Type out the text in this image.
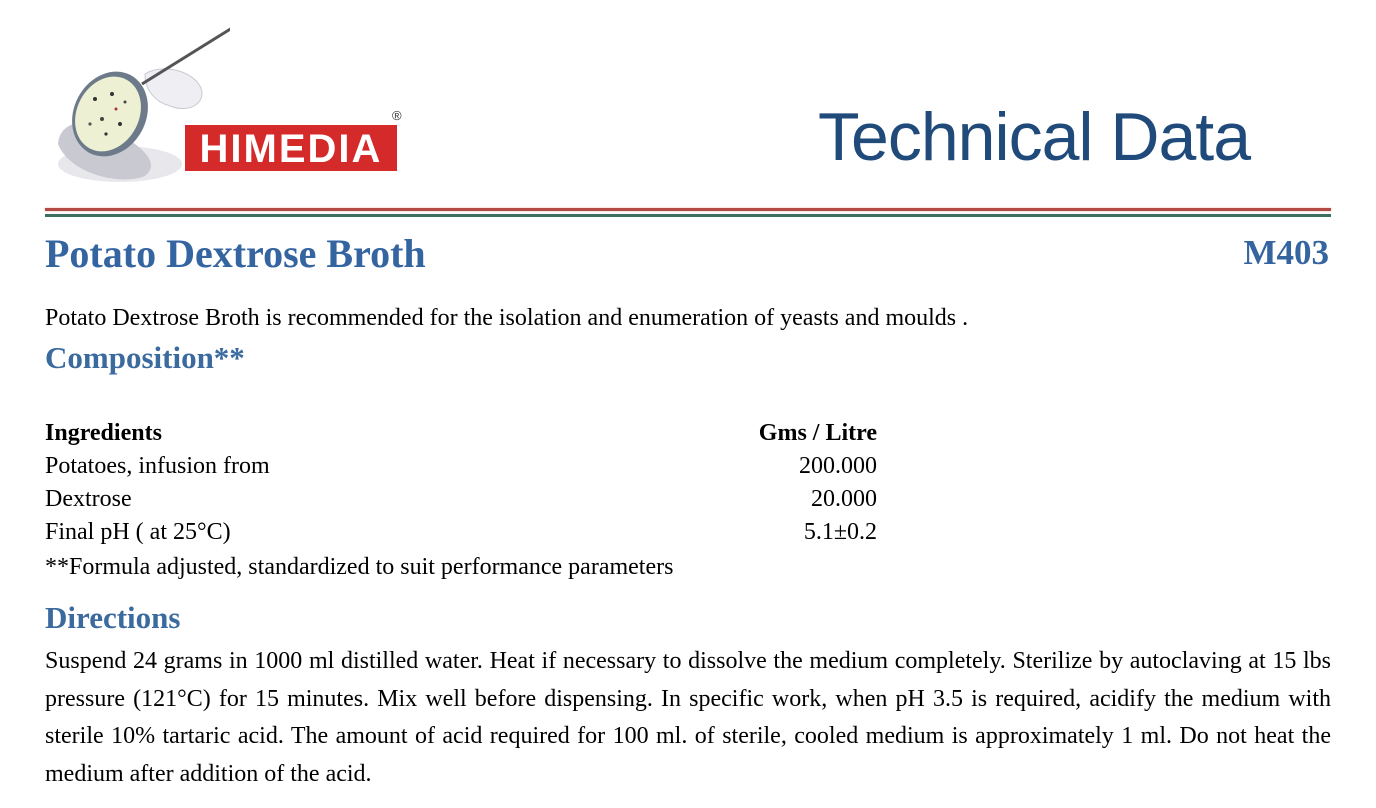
HIMEDIA
®	Technical Data
Potato Dextrose Broth	M403
Potato Dextrose Broth is recommended for the isolation and enumeration of yeasts and moulds .
Composition**
Ingredients	Gms / Litre
Potatoes, infusion from	200.000
Dextrose	20.000
Final pH ( at 25°C)	5.1±0.2
**Formula adjusted, standardized to suit performance parameters
Directions
Suspend 24 grams in 1000 ml distilled water. Heat if necessary to dissolve the medium completely. Sterilize by autoclaving at 15 lbs pressure (121°C) for 15 minutes. Mix well before dispensing. In specific work, when pH 3.5 is required, acidify the medium with sterile 10% tartaric acid. The amount of acid required for 100 ml. of sterile, cooled medium is approximately 1 ml. Do not heat the medium after addition of the acid.
